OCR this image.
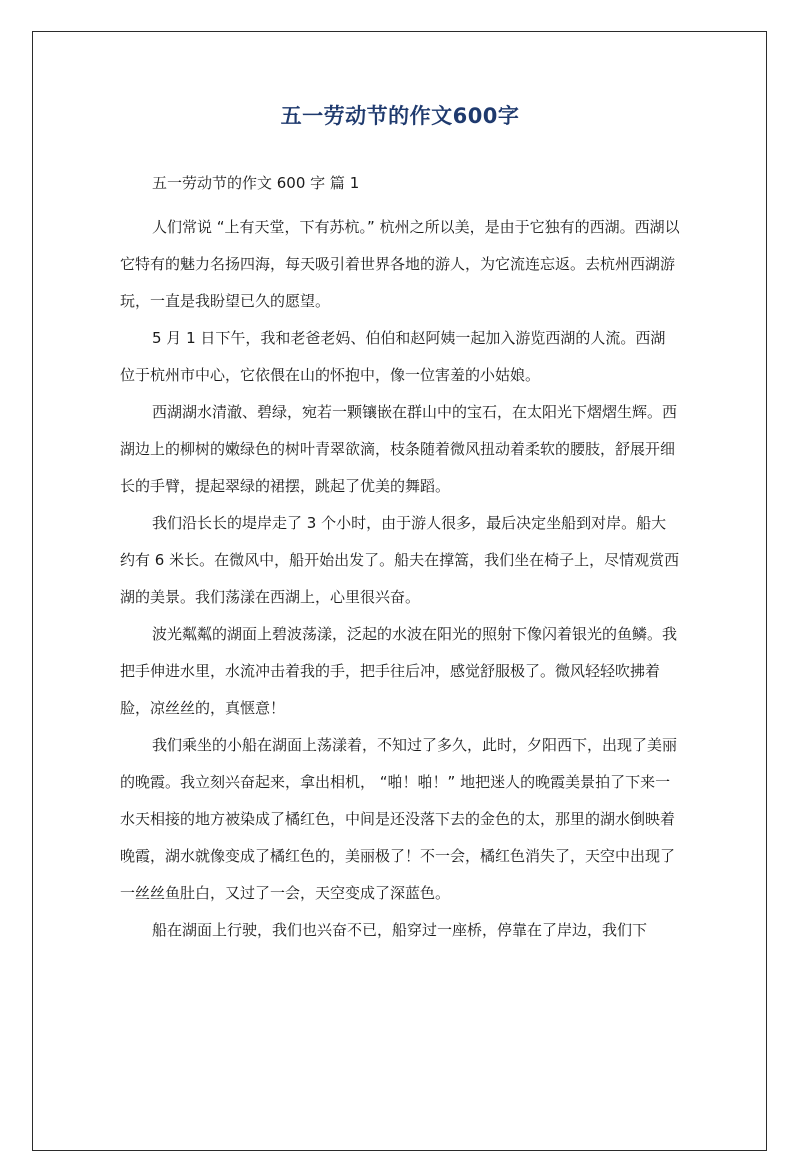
五一劳动节的作文600字

五一劳动节的作文 600 字 篇 1

人们常说 “上有天堂，下有苏杭。” 杭州之所以美，是由于它独有的西湖。西湖以它特有的魅力名扬四海，每天吸引着世界各地的游人，为它流连忘返。去杭州西湖游玩，一直是我盼望已久的愿望。

5 月 1 日下午，我和老爸老妈、伯伯和赵阿姨一起加入游览西湖的人流。西湖位于杭州市中心，它依偎在山的怀抱中，像一位害羞的小姑娘。

西湖湖水清澈、碧绿，宛若一颗镶嵌在群山中的宝石，在太阳光下熠熠生辉。西湖边上的柳树的嫩绿色的树叶青翠欲滴，枝条随着微风扭动着柔软的腰肢，舒展开细长的手臂，提起翠绿的裙摆，跳起了优美的舞蹈。

我们沿长长的堤岸走了 3 个小时，由于游人很多，最后决定坐船到对岸。船大约有 6 米长。在微风中，船开始出发了。船夫在撑篙，我们坐在椅子上，尽情观赏西湖的美景。我们荡漾在西湖上，心里很兴奋。

波光粼粼的湖面上碧波荡漾，泛起的水波在阳光的照射下像闪着银光的鱼鳞。我把手伸进水里，水流冲击着我的手，把手往后冲，感觉舒服极了。微风轻轻吹拂着脸，凉丝丝的，真惬意！

我们乘坐的小船在湖面上荡漾着，不知过了多久，此时，夕阳西下，出现了美丽的晚霞。我立刻兴奋起来，拿出相机， “啪！啪！” 地把迷人的晚霞美景拍了下来一水天相接的地方被染成了橘红色，中间是还没落下去的金色的太，那里的湖水倒映着晚霞，湖水就像变成了橘红色的，美丽极了！不一会，橘红色消失了，天空中出现了一丝丝鱼肚白，又过了一会，天空变成了深蓝色。

船在湖面上行驶，我们也兴奋不已，船穿过一座桥，停靠在了岸边，我们下
